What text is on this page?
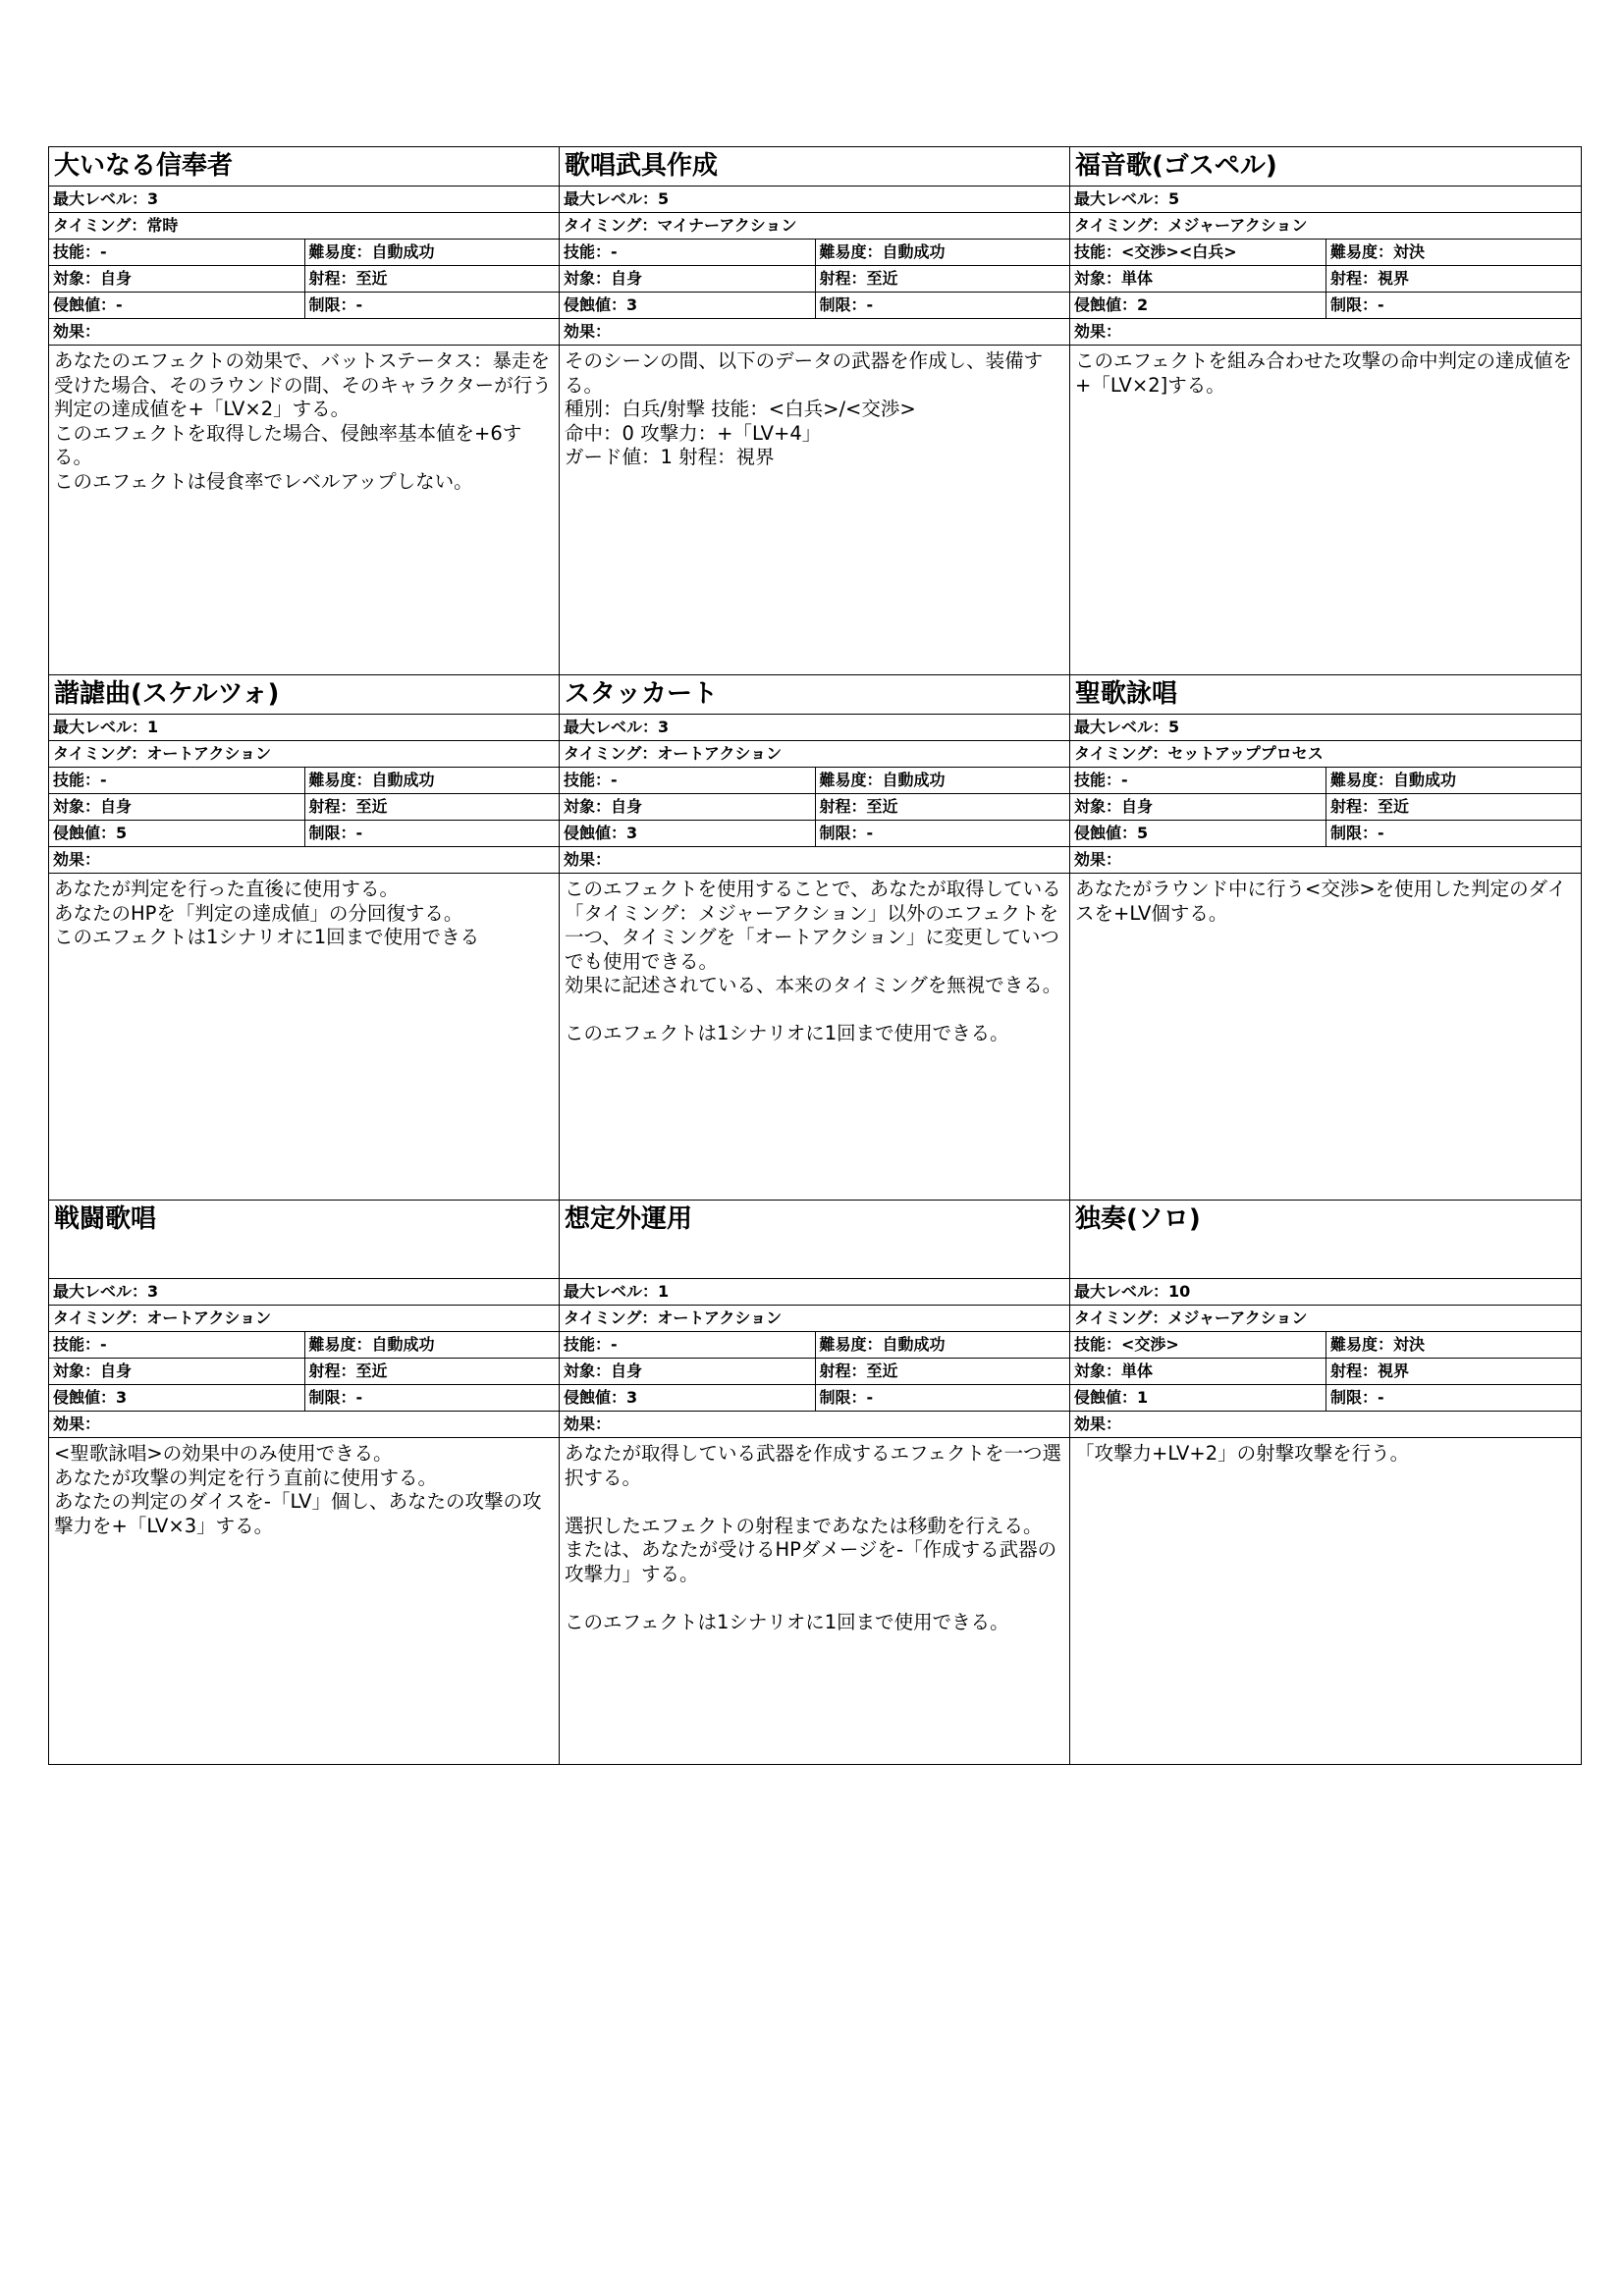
大いなる信奉者
最大レベル：3
タイミング：常時
技能：-	難易度：自動成功
対象：自身	射程：至近
侵蝕値：-	制限：-
効果：
あなたのエフェクトの効果で、バットステータス：暴走を受けた場合、そのラウンドの間、そのキャラクターが行う判定の達成値を+「LV×2」する。
このエフェクトを取得した場合、侵蝕率基本値を+6する。
このエフェクトは侵食率でレベルアップしない。
歌唱武具作成
最大レベル：5
タイミング：マイナーアクション
技能：-	難易度：自動成功
対象：自身	射程：至近
侵蝕値：3	制限：-
効果：
そのシーンの間、以下のデータの武器を作成し、装備する。
種別：白兵/射撃 技能：<白兵>/<交渉>
命中：0 攻撃力：+「LV+4」
ガード値：1 射程：視界
福音歌(ゴスペル)
最大レベル：5
タイミング：メジャーアクション
技能：<交渉><白兵>	難易度：対決
対象：単体	射程：視界
侵蝕値：2	制限：-
効果：
このエフェクトを組み合わせた攻撃の命中判定の達成値を+「LV×2]する。
諧謔曲(スケルツォ)
最大レベル：1
タイミング：オートアクション
技能：-	難易度：自動成功
対象：自身	射程：至近
侵蝕値：5	制限：-
効果：
あなたが判定を行った直後に使用する。
あなたのHPを「判定の達成値」の分回復する。
このエフェクトは1シナリオに1回まで使用できる
スタッカート
最大レベル：3
タイミング：オートアクション
技能：-	難易度：自動成功
対象：自身	射程：至近
侵蝕値：3	制限：-
効果：
このエフェクトを使用することで、あなたが取得している「タイミング：メジャーアクション」以外のエフェクトを一つ、タイミングを「オートアクション」に変更していつでも使用できる。
効果に記述されている、本来のタイミングを無視できる。

このエフェクトは1シナリオに1回まで使用できる。
聖歌詠唱
最大レベル：5
タイミング：セットアッププロセス
技能：-	難易度：自動成功
対象：自身	射程：至近
侵蝕値：5	制限：-
効果：
あなたがラウンド中に行う<交渉>を使用した判定のダイスを+LV個する。
戦闘歌唱
最大レベル：3
タイミング：オートアクション
技能：-	難易度：自動成功
対象：自身	射程：至近
侵蝕値：3	制限：-
効果：
<聖歌詠唱>の効果中のみ使用できる。
あなたが攻撃の判定を行う直前に使用する。
あなたの判定のダイスを-「LV」個し、あなたの攻撃の攻撃力を+「LV×3」する。
想定外運用
最大レベル：1
タイミング：オートアクション
技能：-	難易度：自動成功
対象：自身	射程：至近
侵蝕値：3	制限：-
効果：
あなたが取得している武器を作成するエフェクトを一つ選択する。

選択したエフェクトの射程まであなたは移動を行える。
または、あなたが受けるHPダメージを-「作成する武器の攻撃力」する。

このエフェクトは1シナリオに1回まで使用できる。
独奏(ソロ)
最大レベル：10
タイミング：メジャーアクション
技能：<交渉>	難易度：対決
対象：単体	射程：視界
侵蝕値：1	制限：-
効果：
「攻撃力+LV+2」の射撃攻撃を行う。
